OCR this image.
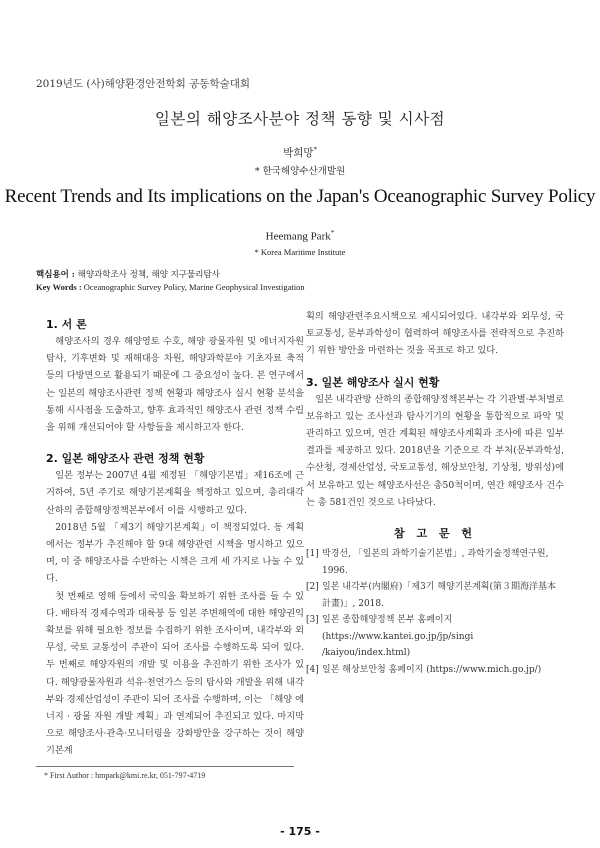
2019년도 (사)해양환경안전학회 공동학술대회
일본의 해양조사분야 정책 동향 및 시사점
박희망*
* 한국해양수산개발원
Recent Trends and Its implications on the Japan's Oceanographic Survey Policy
Heemang Park*
* Korea Maritime Institute
핵심용어 : 해양과학조사 정책, 해양 지구물리탐사
Key Words : Oceanographic Survey Policy, Marine Geophysical Investigation
1. 서 론

해양조사의 경우 해양영토 수호, 해양 광물자원 및 에너지자원 탐사, 기후변화 및 재해대응 차원, 해양과학분야 기초자료 축적 등의 다방면으로 활용되기 때문에 그 중요성이 높다. 본 연구에서는 일본의 해양조사관련 정책 현황과 해양조사 실시 현황 분석을 통해 시사점을 도출하고, 향후 효과적인 해양조사 관련 정책 수립을 위해 개선되어야 할 사항들을 제시하고자 한다.

2. 일본 해양조사 관련 정책 현황

일본 정부는 2007년 4월 제정된 「해양기본법」제16조에 근거하여, 5년 주기로 해양기본계획을 책정하고 있으며, 총리대각 산하의 종합해양정책본부에서 이를 시행하고 있다.

2018년 5월 「제3기 해양기본계획」이 책정되었다. 동 계획에서는 정부가 추진해야 할 9대 해양관련 시책을 명시하고 있으며, 이 중 해양조사를 수반하는 시책은 크게 세 가지로 나눌 수 있다.

첫 번째로 영해 등에서 국익을 확보하기 위한 조사를 들 수 있다. 배타적 경제수역과 대륙붕 등 일본 주변해역에 대한 해양권익 확보를 위해 필요한 정보를 수집하기 위한 조사이며, 내각부와 외무성, 국토 교통성이 주관이 되어 조사를 수행하도록 되어 있다. 두 번째로 해양자원의 개발 및 이용을 추진하기 위한 조사가 있다. 해양광물자원과 석유·천연가스 등의 탐사와 개발을 위해 내각부와 경제산업성이 주관이 되어 조사를 수행하며, 이는 「해양 에너지 · 광물 자원 개발 계획」과 연계되어 추진되고 있다. 마지막으로 해양조사·관측·모니터링을 강화방안을 강구하는 것이 해양기본계

획의 해양관련주요시책으로 제시되어있다. 내각부와 외무성, 국토교통성, 문부과학성이 협력하여 해양조사를 전략적으로 추진하기 위한 방안을 마련하는 것을 목표로 하고 있다.

3. 일본 해양조사 실시 현황

일본 내각관방 산하의 종합해양정책본부는 각 기관별·부처별로 보유하고 있는 조사선과 탐사기기의 현황을 통합적으로 파악 및 관리하고 있으며, 연간 계획된 해양조사계획과 조사에 따른 일부 결과를 제공하고 있다. 2018년을 기준으로 각 부처(문부과학성, 수산청, 경제산업성, 국토교통성, 해상보안청, 기상청, 방위성)에서 보유하고 있는 해양조사선은 총50척이며, 연간 해양조사 건수는 총 581건인 것으로 나타났다.

참 고 문 헌
[1] 박경선, 「일본의 과학기술기본법」, 과학기술정책연구원, 1996.
[2] 일본 내각부(内閣府)「제3기 해양기본계획(第３期海洋基本計畫)」, 2018.
[3] 일본 종합해양정책 본부 홈페이지(https://www.kantei.go.jp/jp/singi /kaiyou/index.html)
[4] 일본 해상보안청 홈페이지 (https://www.mich.go.jp/)
* First Author : hmpark@kmi.re.kr, 051-797-4719
- 175 -
